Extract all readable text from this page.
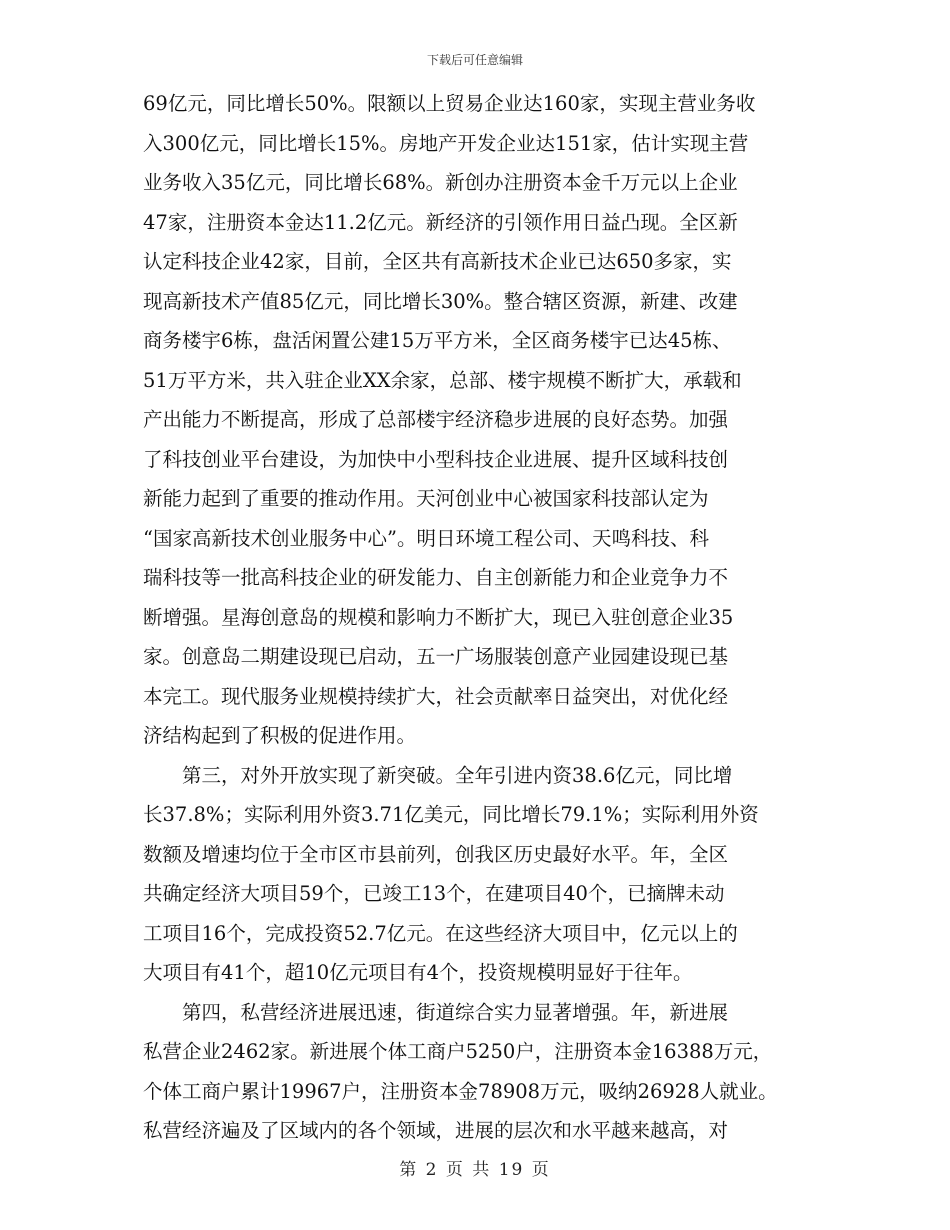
下载后可任意编辑
69亿元，同比增长50%。限额以上贸易企业达160家，实现主营业务收
入300亿元，同比增长15%。房地产开发企业达151家，估计实现主营
业务收入35亿元，同比增长68%。新创办注册资本金千万元以上企业
47家，注册资本金达11.2亿元。新经济的引领作用日益凸现。全区新
认定科技企业42家，目前，全区共有高新技术企业已达650多家，实
现高新技术产值85亿元，同比增长30%。整合辖区资源，新建、改建
商务楼宇6栋，盘活闲置公建15万平方米，全区商务楼宇已达45栋、
51万平方米，共入驻企业XX余家，总部、楼宇规模不断扩大，承载和
产出能力不断提高，形成了总部楼宇经济稳步进展的良好态势。加强
了科技创业平台建设，为加快中小型科技企业进展、提升区域科技创
新能力起到了重要的推动作用。天河创业中心被国家科技部认定为
“国家高新技术创业服务中心”。明日环境工程公司、天鸣科技、科
瑞科技等一批高科技企业的研发能力、自主创新能力和企业竞争力不
断增强。星海创意岛的规模和影响力不断扩大，现已入驻创意企业35
家。创意岛二期建设现已启动，五一广场服装创意产业园建设现已基
本完工。现代服务业规模持续扩大，社会贡献率日益突出，对优化经
济结构起到了积极的促进作用。
第三，对外开放实现了新突破。全年引进内资38.6亿元，同比增
长37.8%；实际利用外资3.71亿美元，同比增长79.1%；实际利用外资
数额及增速均位于全市区市县前列，创我区历史最好水平。年，全区
共确定经济大项目59个，已竣工13个，在建项目40个，已摘牌未动
工项目16个，完成投资52.7亿元。在这些经济大项目中，亿元以上的
大项目有41个，超10亿元项目有4个，投资规模明显好于往年。
第四，私营经济进展迅速，街道综合实力显著增强。年，新进展
私营企业2462家。新进展个体工商户5250户，注册资本金16388万元，
个体工商户累计19967户，注册资本金78908万元，吸纳26928人就业。
私营经济遍及了区域内的各个领域，进展的层次和水平越来越高，对
第 2 页 共 19 页
